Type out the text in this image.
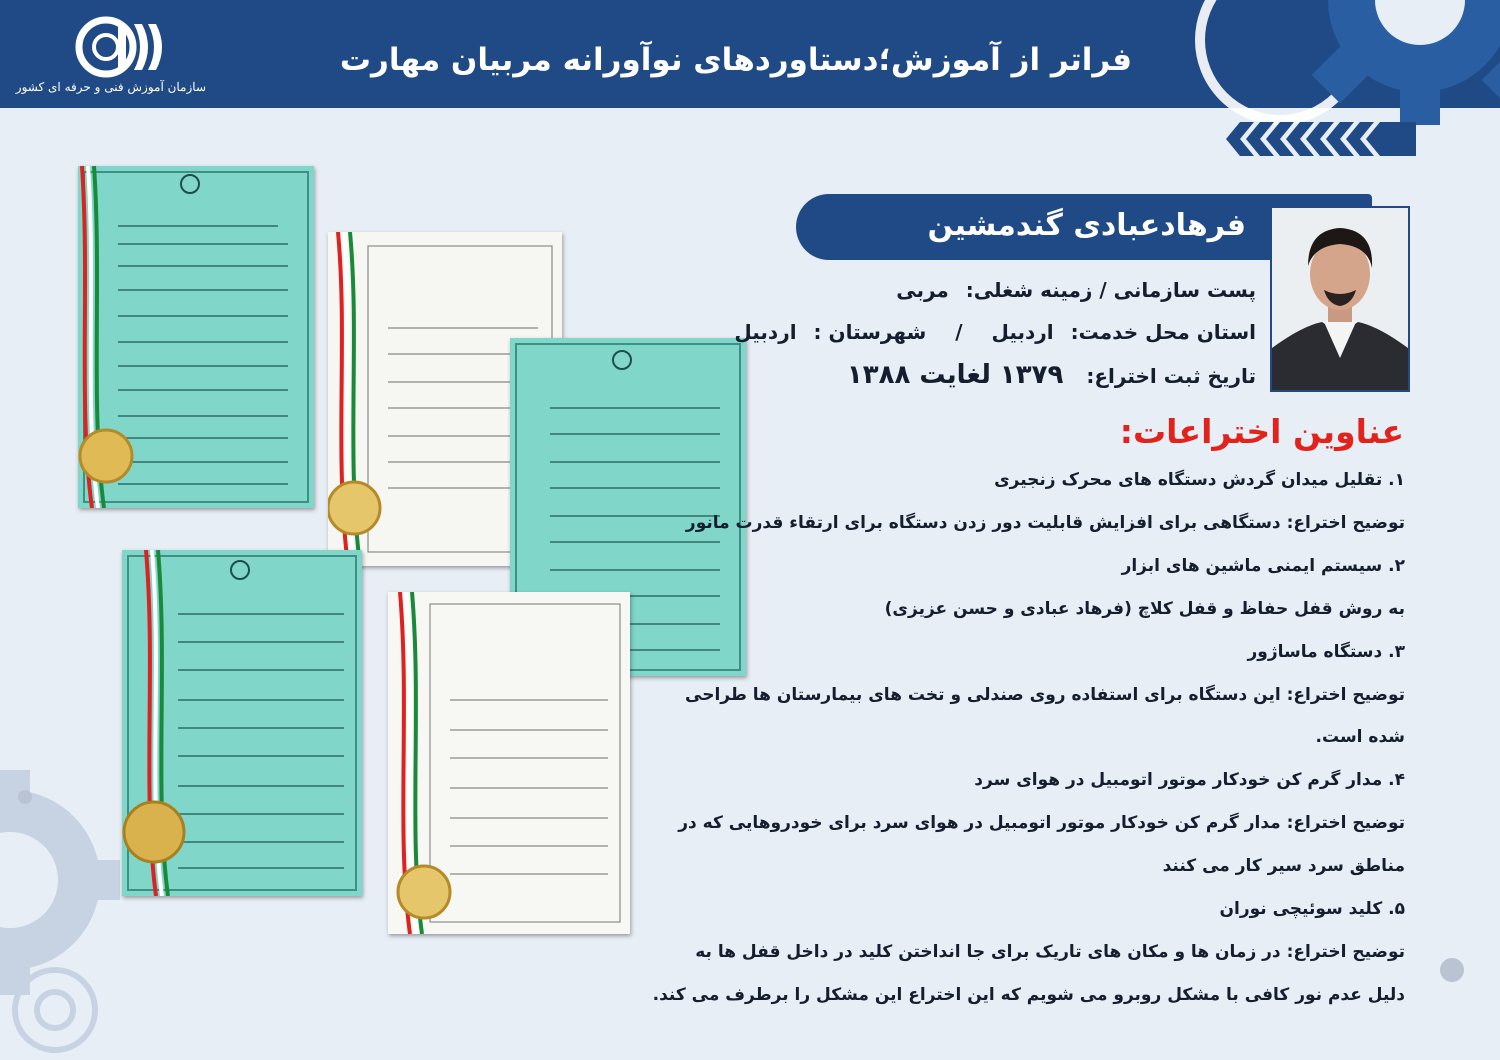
سازمان آموزش فنی و حرفه ای کشور
فراتر از آموزش؛دستاوردهای نوآورانه مربیان مهارت
فرهادعبادی گندمشین
پست سازمانی / زمینه شغلی: مربی
استان محل خدمت: اردبیل / شهرستان : اردبیل
تاریخ ثبت اختراع: ۱۳۷۹ لغایت ۱۳۸۸
عناوین اختراعات:
۱. تقلیل میدان گردش دستگاه های محرک زنجیری
توضیح اختراع: دستگاهی برای افزایش قابلیت دور زدن دستگاه برای ارتقاء قدرت مانور
۲. سیستم ایمنی ماشین های ابزار
به روش قفل حفاظ و قفل کلاچ (فرهاد عبادی و حسن عزیزی)
۳. دستگاه ماساژور
توضیح اختراع: این دستگاه برای استفاده روی صندلی و تخت های بیمارستان ها طراحی
شده است.
۴. مدار گرم کن خودکار موتور اتومبیل در هوای سرد
توضیح اختراع: مدار گرم کن خودکار موتور اتومبیل در هوای سرد برای خودروهایی که در
مناطق سرد سیر کار می کنند
۵. کلید سوئیچی نوران
توضیح اختراع: در زمان ها و مکان های تاریک برای جا انداختن کلید در داخل قفل ها به
دلیل عدم نور کافی با مشکل روبرو می شویم که این اختراع این مشکل را برطرف می کند.
